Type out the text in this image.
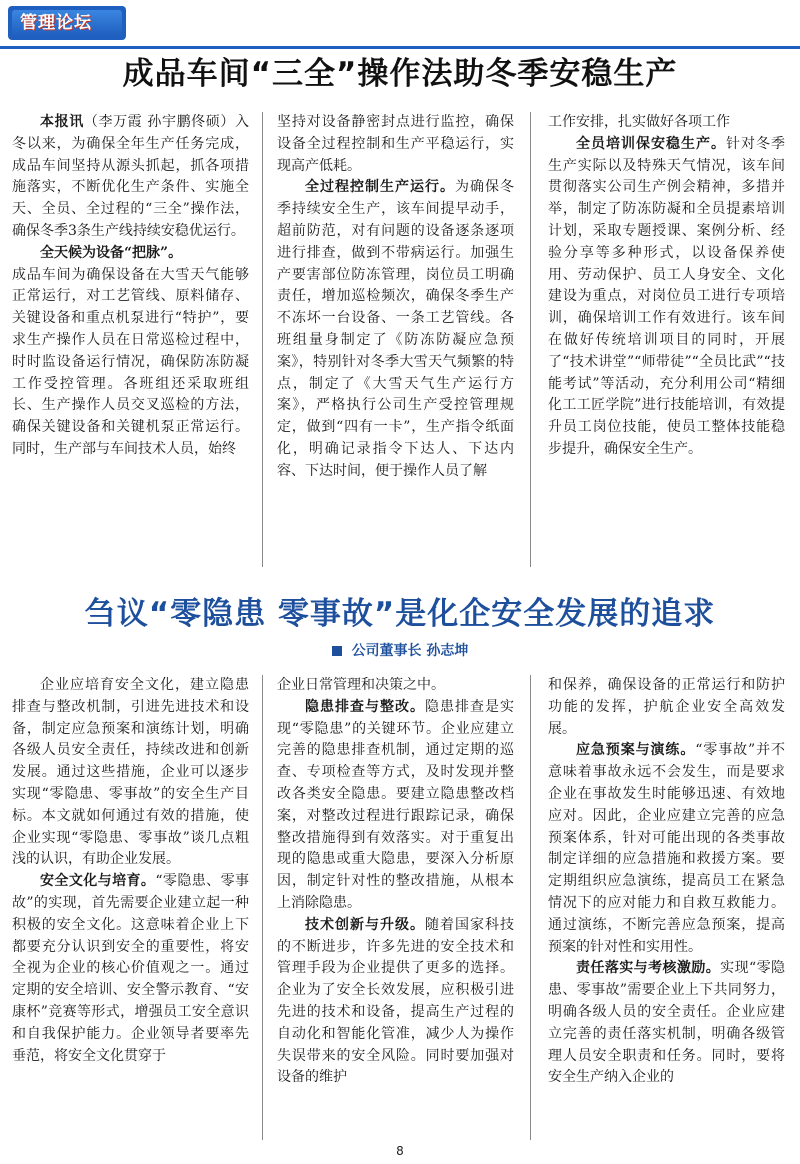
管理论坛
成品车间“三全”操作法助冬季安稳生产

本报讯（李万霞 孙宇鹏佟硕）入冬以来，为确保全年生产任务完成，成品车间坚持从源头抓起，抓各项措施落实，不断优化生产条件、实施全天、全员、全过程的“三全”操作法，确保冬季3条生产线持续安稳优运行。

全天候为设备“把脉”。

成品车间为确保设备在大雪天气能够正常运行，对工艺管线、原料储存、关键设备和重点机泵进行“特护”，要求生产操作人员在日常巡检过程中，时时监设备运行情况，确保防冻防凝工作受控管理。各班组还采取班组长、生产操作人员交叉巡检的方法，确保关键设备和关键机泵正常运行。同时，生产部与车间技术人员，始终

坚持对设备静密封点进行监控，确保设备全过程控制和生产平稳运行，实现高产低耗。

全过程控制生产运行。为确保冬季持续安全生产，该车间提早动手，超前防范，对有问题的设备逐条逐项进行排查，做到不带病运行。加强生产要害部位防冻管理，岗位员工明确责任，增加巡检频次，确保冬季生产不冻坏一台设备、一条工艺管线。各班组量身制定了《防冻防凝应急预案》，特别针对冬季大雪天气频繁的特点，制定了《大雪天气生产运行方案》，严格执行公司生产受控管理规定，做到“四有一卡”，生产指令纸面化，明确记录指令下达人、下达内容、下达时间，便于操作人员了解

工作安排，扎实做好各项工作

全员培训保安稳生产。针对冬季生产实际以及特殊天气情况，该车间贯彻落实公司生产例会精神，多措并举，制定了防冻防凝和全员提素培训计划，采取专题授课、案例分析、经验分享等多种形式，以设备保养使用、劳动保护、员工人身安全、文化建设为重点，对岗位员工进行专项培训，确保培训工作有效进行。该车间在做好传统培训项目的同时，开展了“技术讲堂”“师带徒”“全员比武”“技能考试”等活动，充分利用公司“精细化工工匠学院”进行技能培训，有效提升员工岗位技能，使员工整体技能稳步提升，确保安全生产。

刍议“零隐患 零事故”是化企安全发展的追求
公司董事长 孙志坤

企业应培育安全文化，建立隐患排查与整改机制，引进先进技术和设备，制定应急预案和演练计划，明确各级人员安全责任，持续改进和创新发展。通过这些措施，企业可以逐步实现“零隐患、零事故”的安全生产目标。本文就如何通过有效的措施，使企业实现“零隐患、零事故”谈几点粗浅的认识，有助企业发展。

安全文化与培育。“零隐患、零事故”的实现，首先需要企业建立起一种积极的安全文化。这意味着企业上下都要充分认识到安全的重要性，将安全视为企业的核心价值观之一。通过定期的安全培训、安全警示教育、“安康杯”竞赛等形式，增强员工安全意识和自我保护能力。企业领导者要率先垂范，将安全文化贯穿于

企业日常管理和决策之中。

隐患排查与整改。隐患排查是实现“零隐患”的关键环节。企业应建立完善的隐患排查机制，通过定期的巡查、专项检查等方式，及时发现并整改各类安全隐患。要建立隐患整改档案，对整改过程进行跟踪记录，确保整改措施得到有效落实。对于重复出现的隐患或重大隐患，要深入分析原因，制定针对性的整改措施，从根本上消除隐患。

技术创新与升级。随着国家科技的不断进步，许多先进的安全技术和管理手段为企业提供了更多的选择。企业为了安全长效发展，应积极引进先进的技术和设备，提高生产过程的自动化和智能化管准，减少人为操作失误带来的安全风险。同时要加强对设备的维护

和保养，确保设备的正常运行和防护功能的发挥，护航企业安全高效发展。

应急预案与演练。“零事故”并不意味着事故永远不会发生，而是要求企业在事故发生时能够迅速、有效地应对。因此，企业应建立完善的应急预案体系，针对可能出现的各类事故制定详细的应急措施和救援方案。要定期组织应急演练，提高员工在紧急情况下的应对能力和自救互救能力。通过演练，不断完善应急预案，提高预案的针对性和实用性。

责任落实与考核激励。实现“零隐患、零事故”需要企业上下共同努力，明确各级人员的安全责任。企业应建立完善的责任落实机制，明确各级管理人员安全职责和任务。同时，要将安全生产纳入企业的

8
